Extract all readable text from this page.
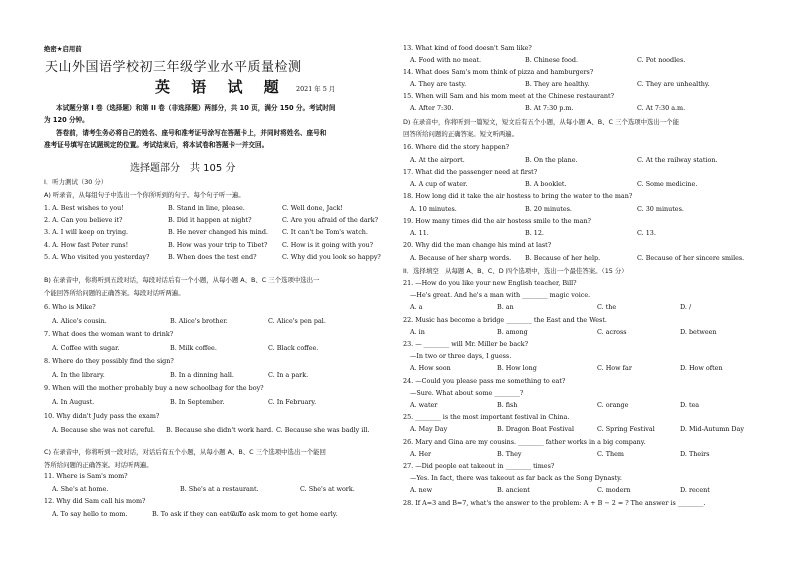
绝密★启用前
天山外国语学校初三年级学业水平质量检测
英 语 试 题 2021 年 5 月
本试题分第 I 卷（选择题）和第 II 卷（非选择题）两部分，共 10 页，满分 150 分。考试时间
为 120 分钟。
答卷前，请考生务必将自己的姓名、座号和准考证号涂写在答题卡上，并同时将姓名、座号和
准考证号填写在试题规定的位置。考试结束后，将本试卷和答题卡一并交回。
选择题部分　共 105 分
I．听力测试（30 分）
A) 听录音，从每组句子中选出一个你所听到的句子。每个句子听一遍。
1. A. Best wishes to you!	B. Stand in line, please.	C. Well done, Jack!
2. A. Can you believe it?	B. Did it happen at night?	C. Are you afraid of the dark?
3. A. I will keep on trying.	B. He never changed his mind. C. It can't be Tom's watch.
4. A. How fast Peter runs!	B. How was your trip to Tibet? C. How is it going with you?
5. A. Who visited you yesterday?	B. When does the test end?	C. Why did you look so happy?
B) 在录音中，你将听到五段对话，每段对话后有一个小题，从每小题 A、B、C 三个选项中选出一
个能回答所给问题的正确答案。每段对话听两遍。
6. Who is Mike?
A. Alice's cousin.	B. Alice's brother.	C. Alice's pen pal.
7. What does the woman want to drink?
A. Coffee with sugar.	B. Milk coffee.	C. Black coffee.
8. Where do they possibly find the sign?
A. In the library.	B. In a dinning hall.	C. In a park.
9. When will the mother probably buy a new schoolbag for the boy?
A. In August.	B. In September.	C. In February.
10. Why didn't Judy pass the exam?
A. Because she was not careful. B. Because she didn't work hard. C. Because she was badly ill.
C) 在录音中，你将听到一段对话，对话后有五个小题，从每小题 A、B、C 三个选项中选出一个能回
答所给问题的正确答案。对话听两遍。
11. Where is Sam's mom?
A. She's at home.	B. She's at a restaurant.	C. She's at work.
12. Why did Sam call his mom?
A. To say hello to mom.	B. To ask if they can eat out.
C. To ask mom to get home early.
13. What kind of food doesn't Sam like?
A. Food with no meat.	B. Chinese food.	C. Pot noodles.
14. What does Sam's mom think of pizza and hamburgers?
A. They are tasty.	B. They are healthy.	C. They are unhealthy.
15. When will Sam and his mom meet at the Chinese restaurant?
A. After 7:30.	B. At 7:30 p.m.	C. At 7:30 a.m.
D) 在录音中，你将听到一篇短文，短文后有五个小题，从每小题 A、B、C 三个选项中选出一个能
回答所给问题的正确答案。短文听两遍。
16. Where did the story happen?
A. At the airport.	B. On the plane.	C. At the railway station.
17. What did the passenger need at first?
A. A cup of water.	B. A booklet.	C. Some medicine.
18. How long did it take the air hostess to bring the water to the man?
A. 10 minutes.	B. 20 minutes.	C. 30 minutes.
19. How many times did the air hostess smile to the man?
A. 11.	B. 12.	C. 13.
20. Why did the man change his mind at last?
A. Because of her sharp words. B. Because of her help.	C. Because of her sincere smiles.
II．选择填空　从每题 A、B、C、D 四个选项中，选出一个最佳答案。（15 分）
21. —How do you like your new English teacher, Bill?
—He's great. And he's a man with ________ magic voice.
A. a	B. an	C. the	D. /
22. Music has become a bridge ________ the East and the West.
A. in	B. among	C. across	D. between
23. — ________ will Mr. Miller be back?
—In two or three days, I guess.
A. How soon	B. How long	C. How far	D. How often
24. —Could you please pass me something to eat?
—Sure. What about some ________?
A. water	B. fish	C. orange	D. tea
25. ________ is the most important festival in China.
A. May Day	B. Dragon Boat Festival	C. Spring Festival	D. Mid-Autumn Day
26. Mary and Gina are my cousins. ________ father works in a big company.
A. Her	B. They	C. Them	D. Theirs
27. —Did people eat takeout in ________ times?
—Yes. In fact, there was takeout as far back as the Song Dynasty.
A. new	B. ancient	C. modern	D. recent
28. If A=3 and B=7, what's the answer to the problem: A + B − 2 = ? The answer is ________.
